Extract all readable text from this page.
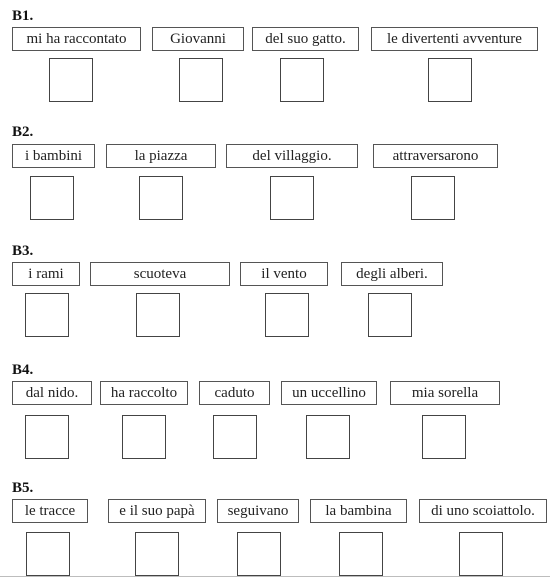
B1.
mi ha raccontato	Giovanni	del suo gatto.	le divertenti avventure
B2.
i bambini	la piazza	del villaggio.	attraversarono
B3.
i rami	scuoteva	il vento	degli alberi.
B4.
dal nido.	ha raccolto	caduto	un uccellino	mia sorella
B5.
le tracce	e il suo papà	seguivano	la bambina	di uno scoiattolo.
